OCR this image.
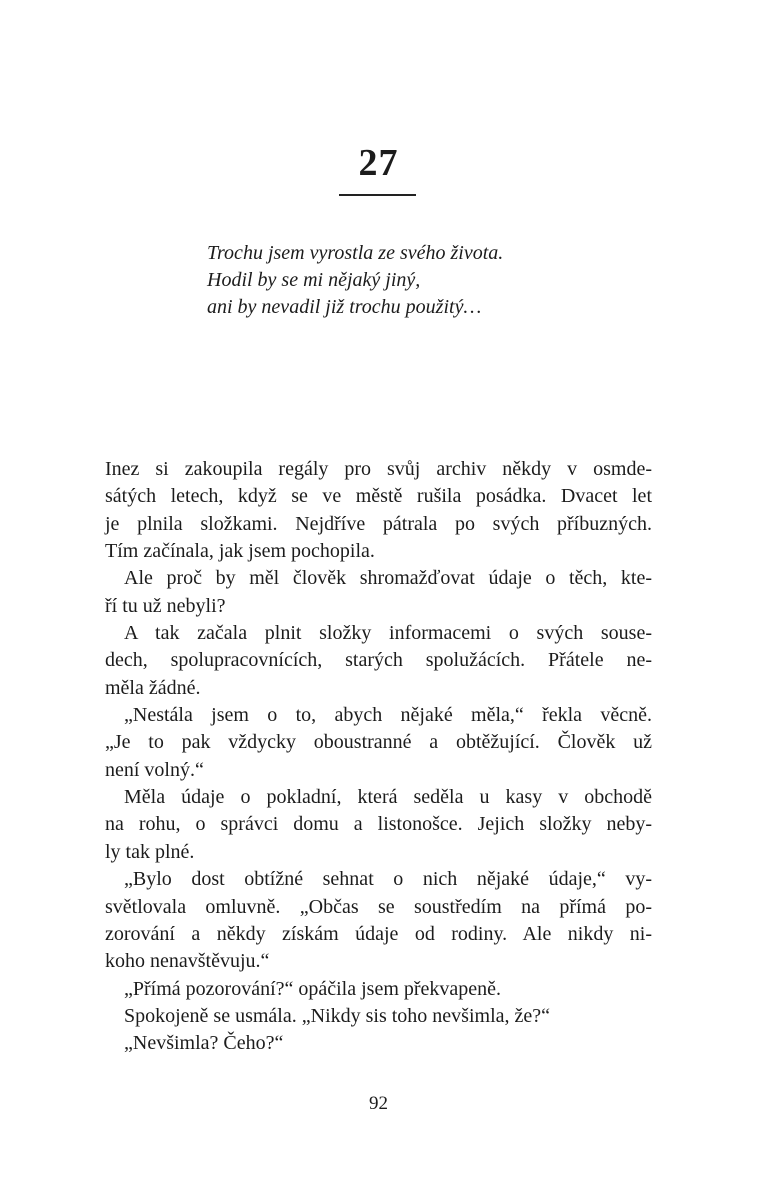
27
Trochu jsem vyrostla ze svého života.
Hodil by se mi nějaký jiný,
ani by nevadil již trochu použitý…
Inez si zakoupila regály pro svůj archiv někdy v osmde-
sátých letech, když se ve městě rušila posádka. Dvacet let
je plnila složkami. Nejdříve pátrala po svých příbuzných.
Tím začínala, jak jsem pochopila.
Ale proč by měl člověk shromažďovat údaje o těch, kte-
ří tu už nebyli?
A tak začala plnit složky informacemi o svých souse-
dech, spolupracovnících, starých spolužácích. Přátele ne-
měla žádné.
„Nestála jsem o to, abych nějaké měla,“ řekla věcně.
„Je to pak vždycky oboustranné a obtěžující. Člověk už
není volný.“
Měla údaje o pokladní, která seděla u kasy v obchodě
na rohu, o správci domu a listonošce. Jejich složky neby-
ly tak plné.
„Bylo dost obtížné sehnat o nich nějaké údaje,“ vy-
světlovala omluvně. „Občas se soustředím na přímá po-
zorování a někdy získám údaje od rodiny. Ale nikdy ni-
koho nenavštěvuju.“
„Přímá pozorování?“ opáčila jsem překvapeně.
Spokojeně se usmála. „Nikdy sis toho nevšimla, že?“
„Nevšimla? Čeho?“
92
